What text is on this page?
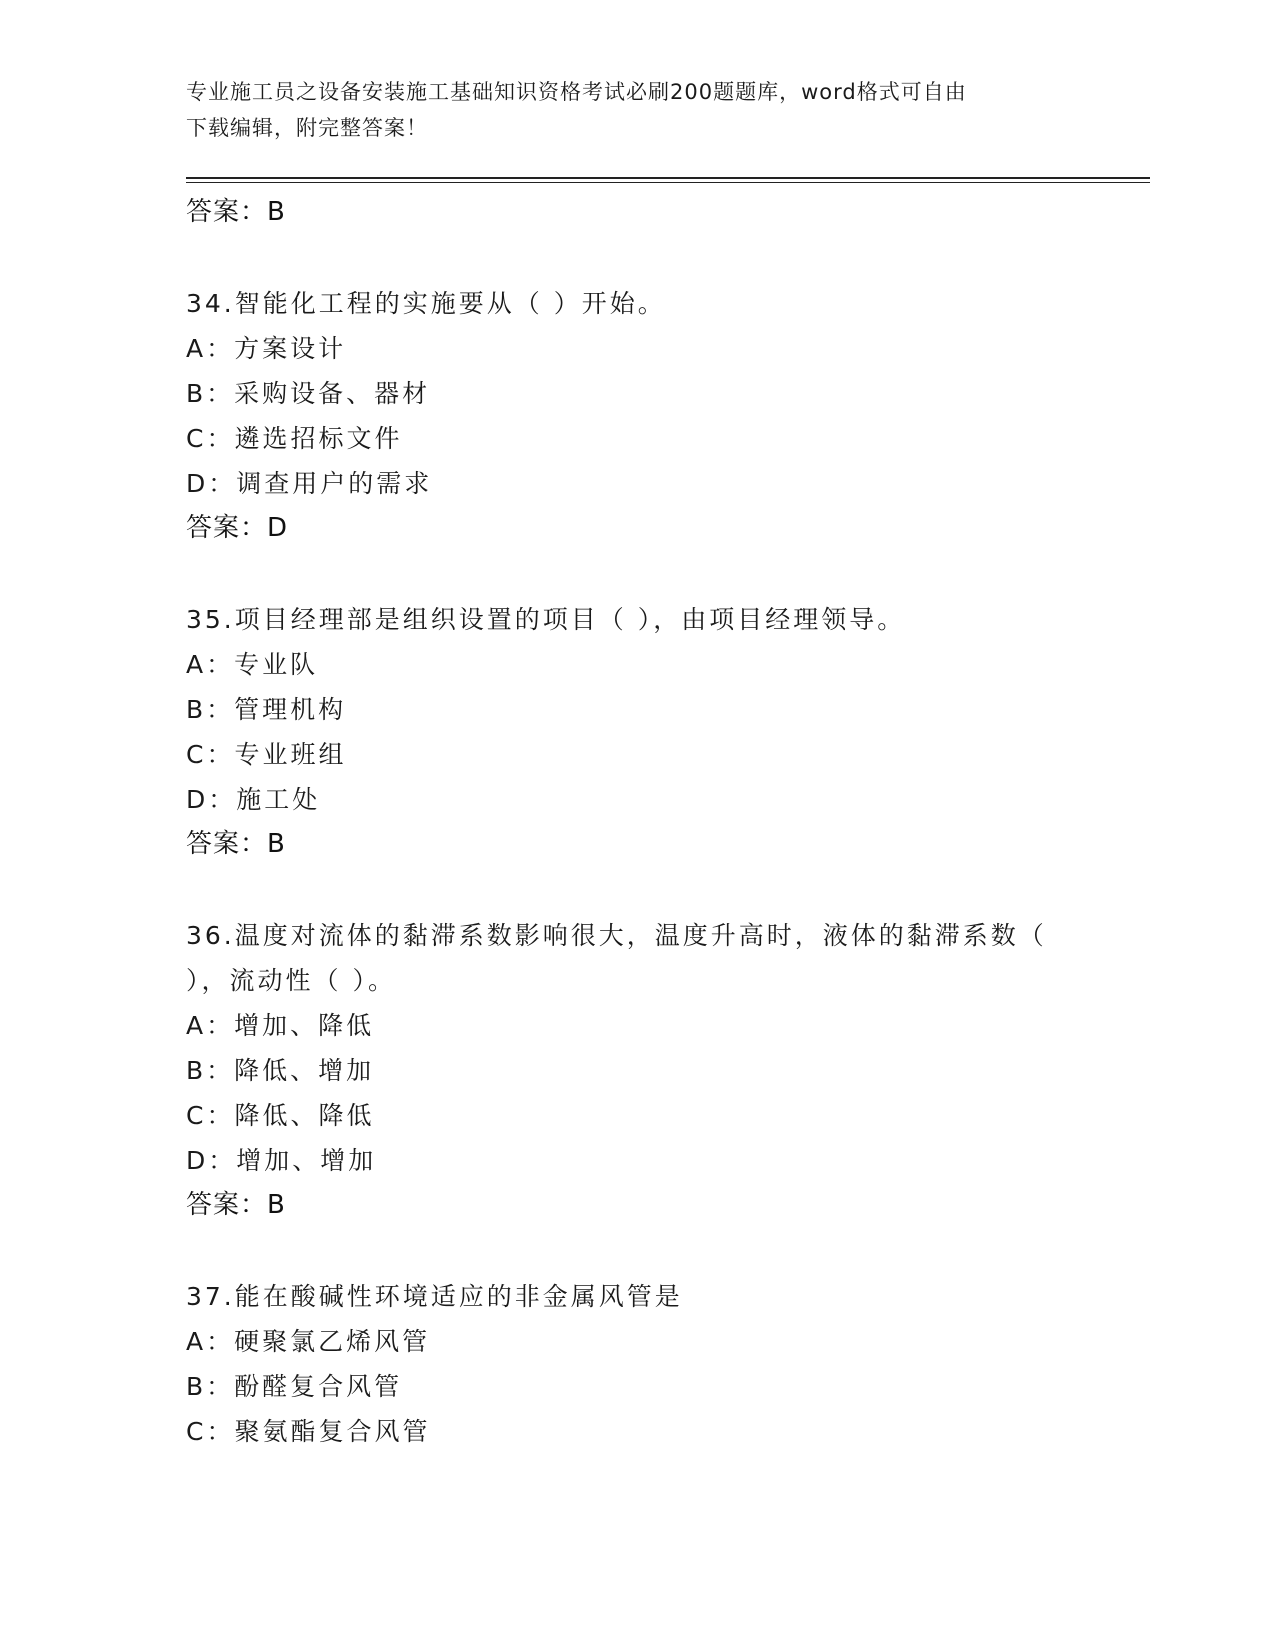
专业施工员之设备安装施工基础知识资格考试必刷200题题库，word格式可自由
下载编辑，附完整答案！
答案：B
34.智能化工程的实施要从（ ）开始。
A：方案设计
B：采购设备、器材
C：遴选招标文件
D：调查用户的需求
答案：D
35.项目经理部是组织设置的项目（ ），由项目经理领导。
A：专业队
B：管理机构
C：专业班组
D：施工处
答案：B
36.温度对流体的黏滞系数影响很大，温度升高时，液体的黏滞系数（
），流动性（ ）。
A：增加、降低
B：降低、增加
C：降低、降低
D：增加、增加
答案：B
37.能在酸碱性环境适应的非金属风管是
A：硬聚氯乙烯风管
B：酚醛复合风管
C：聚氨酯复合风管
